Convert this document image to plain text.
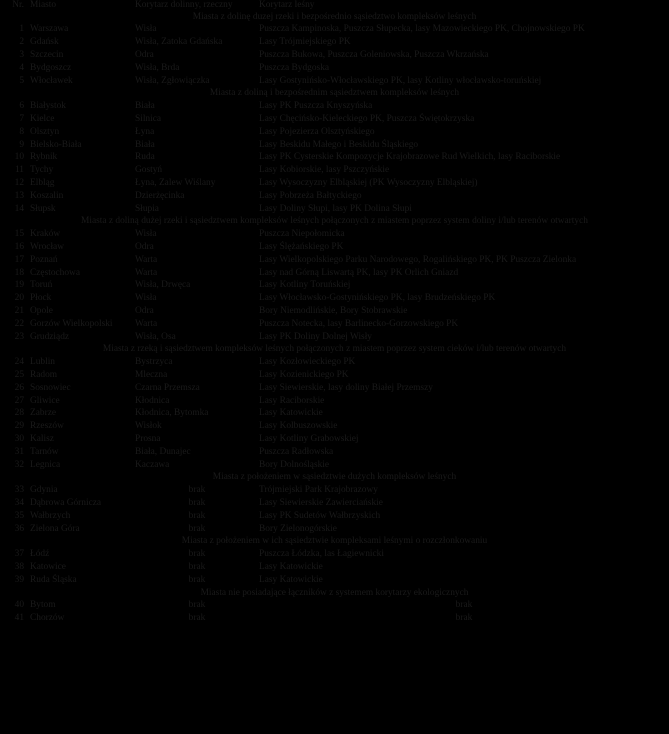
Nr.	Miasto	Korytarz dolinny, rzeczny	Korytarz leśny
Miasta z dolinę duzej rzeki i bezpośrednio sąsiedztwo kompleksów leśnych			
1	Warszawa	Wisła	Puszcza Kampinoska, Puszcza Słupecka, lasy Mazowieckiego PK, Chojnowskiego PK
2	Gdańsk	Wisła, Zatoka Gdańska	Lasy Trójmiejskiego PK
3	Szczecin	Odra	Puszcza Bukowa, Puszcza Goleniowska, Puszcza Wkrzańska
4	Bydgoszcz	Wisła, Brda	Puszcza Bydgoska
5	Włocławek	Wisła, Zgłowiączka	Lasy Gostynińsko-Włocławskiego PK, lasy Kotliny włocławsko-toruńskiej
Miasta z doliną i bezpośrednim sąsiedztwem kompleksów leśnych			
6	Białystok	Biała	Lasy PK Puszcza Knyszyńska
7	Kielce	Silnica	Lasy Chęcińsko-Kieleckiego PK, Puszcza Świętokrzyska
8	Olsztyn	Łyna	Lasy Pojezierza Olsztyńskiego
9	Bielsko-Biała	Biała	Lasy Beskidu Małego i Beskidu Śląskiego
10	Rybnik	Ruda	Lasy PK Cysterskie Kompozycje Krajobrazowe Rud Wielkich, lasy Raciborskie
11	Tychy	Gostyń	Lasy Kobiorskie, lasy Pszczyńskie
12	Elbląg	Łyna, Zalew Wiślany	Lasy Wysoczyzny Elbląskiej (PK Wysoczyzny Elbląskiej)
13	Koszalin	Dzierżęcinka	Lasy Pobrzeża Bałtyckiego
14	Słupsk	Słupia	Lasy Doliny Słupi, lasy PK Dolina Słupi
Miasta z doliną dużej rzeki i sąsiedztwem kompleksów leśnych połączonych z miastem poprzez system doliny i/lub terenów otwartych			
15	Kraków	Wisła	Puszcza Niepołomicka
16	Wrocław	Odra	Lasy Ślężańskiego PK
17	Poznań	Warta	Lasy Wielkopolskiego Parku Narodowego, Rogalińskiego PK, PK Puszcza Zielonka
18	Częstochowa	Warta	Lasy nad Górną Liswartą PK, lasy PK Orlich Gniazd
19	Toruń	Wisła, Drwęca	Lasy Kotliny Toruńskiej
20	Płock	Wisła	Lasy Włocławsko-Gostynińskiego PK, lasy Brudzeńskiego PK
21	Opole	Odra	Bory Niemodlińskie, Bory Stobrawskie
22	Gorzów Wielkopolski	Warta	Puszcza Notecka, lasy Barlinecko-Gorzowskiego PK
23	Grudziądz	Wisła, Osa	Lasy PK Doliny Dolnej Wisły
Miasta z rzeką i sąsiedztwem kompleksów leśnych połączonych z miastem poprzez system cieków i/lub terenów otwartych			
24	Lublin	Bystrzyca	Lasy Kozłowieckiego PK
25	Radom	Mleczna	Lasy Kozienickiego PK
26	Sosnowiec	Czarna Przemsza	Lasy Siewierskie, lasy doliny Białej Przemszy
27	Gliwice	Kłodnica	Lasy Raciborskie
28	Zabrze	Kłodnica, Bytomka	Lasy Katowickie
29	Rzeszów	Wisłok	Lasy Kolbuszowskie
30	Kalisz	Prosna	Lasy Kotliny Grabowskiej
31	Tarnów	Biała, Dunajec	Puszcza Radłowska
32	Legnica	Kaczawa	Bory Dolnośląskie
Miasta z położeniem w sąsiedztwie dużych kompleksów leśnych			
33	Gdynia	brak	Trójmiejski Park Krajobrazowy
34	Dąbrowa Górnicza	brak	Lasy Siewierskie Zawierciańskie
35	Wałbrzych	brak	Lasy PK Sudetów Wałbrzyskich
36	Zielona Góra	brak	Bory Zielonogórskie
Miasta z położeniem w ich sąsiedztwie kompleksami leśnymi o rozczłonkowaniu			
37	Łódź	brak	Puszcza Łódzka, las Łagiewnicki
38	Katowice	brak	Lasy Katowickie
39	Ruda Śląska	brak	Lasy Katowickie
Miasta nie posiadające łączników z systemem korytarzy ekologicznych			
40	Bytom	brak	brak
41	Chorzów	brak	brak
